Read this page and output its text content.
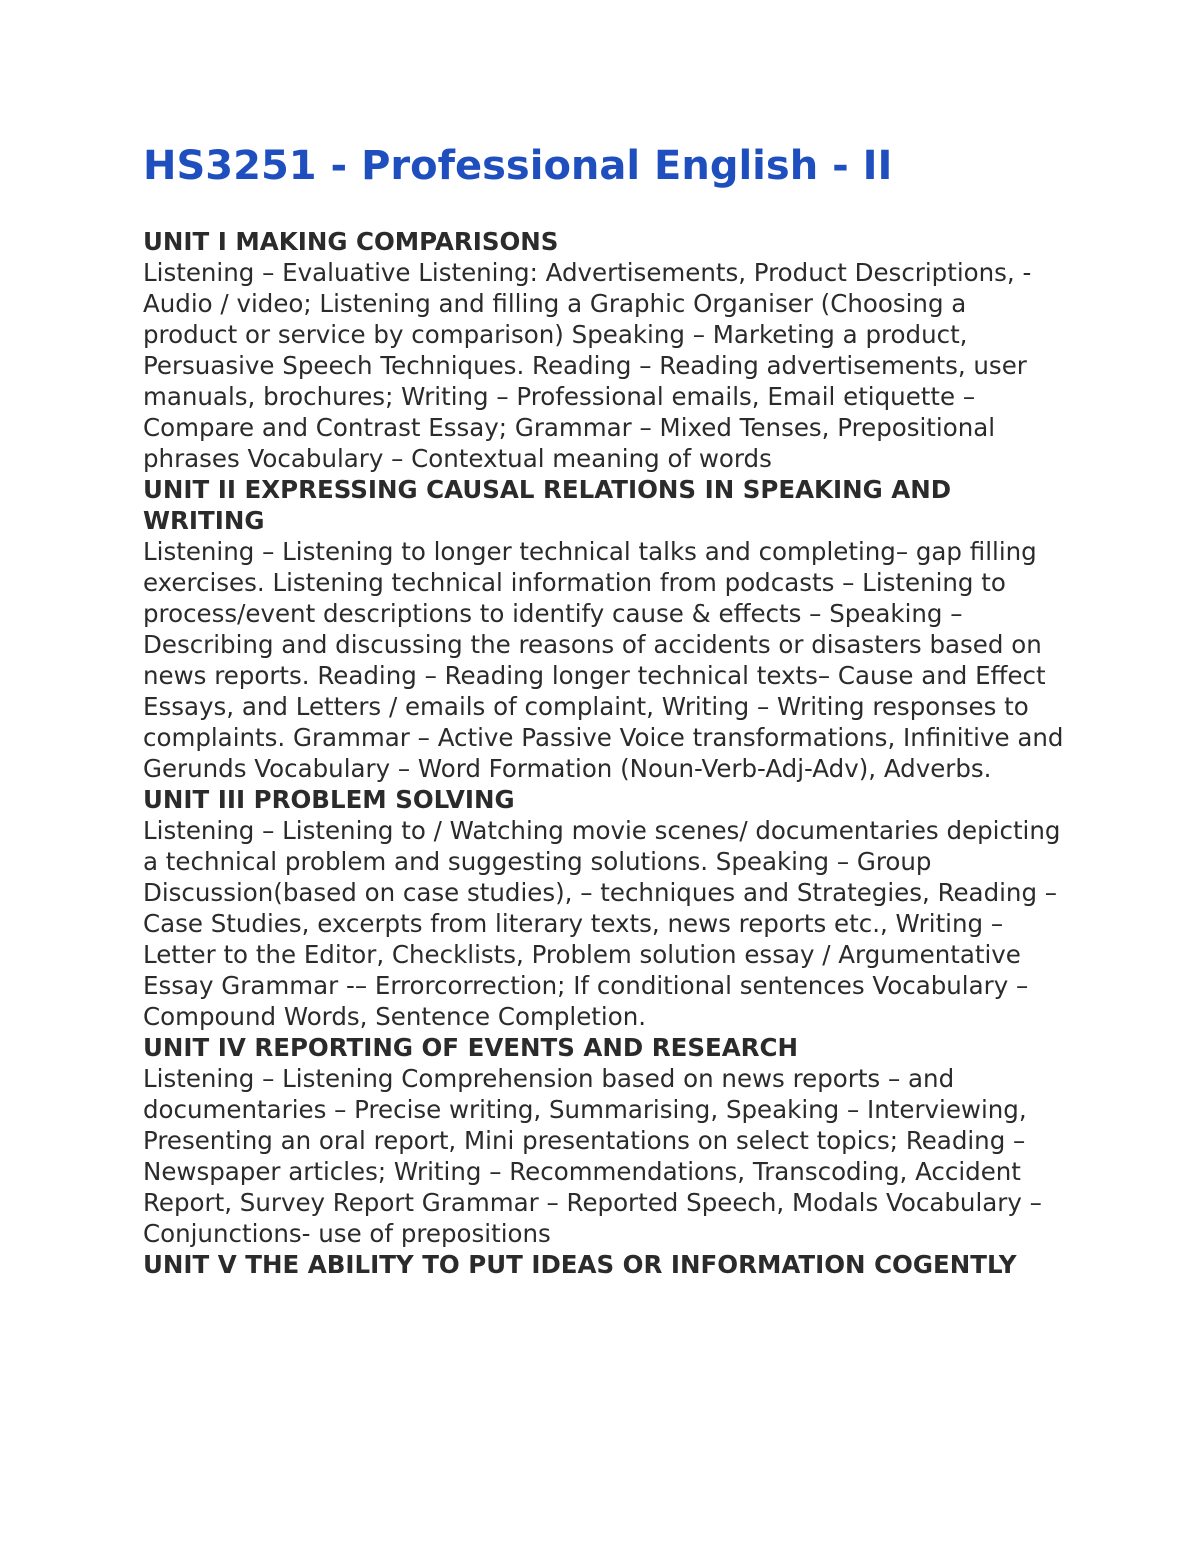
HS3251 - Professional English - II
UNIT I MAKING COMPARISONS

Listening – Evaluative Listening: Advertisements, Product Descriptions, -Audio / video; Listening and filling a Graphic Organiser (Choosing a product or service by comparison) Speaking – Marketing a product, Persuasive Speech Techniques. Reading – Reading advertisements, user manuals, brochures; Writing – Professional emails, Email etiquette – Compare and Contrast Essay; Grammar – Mixed Tenses, Prepositional phrases Vocabulary – Contextual meaning of words

UNIT II EXPRESSING CAUSAL RELATIONS IN SPEAKING AND WRITING

Listening – Listening to longer technical talks and completing– gap filling exercises. Listening technical information from podcasts – Listening to process/event descriptions to identify cause & effects – Speaking – Describing and discussing the reasons of accidents or disasters based on news reports. Reading – Reading longer technical texts– Cause and Effect Essays, and Letters / emails of complaint, Writing – Writing responses to complaints. Grammar – Active Passive Voice transformations, Infinitive and Gerunds Vocabulary – Word Formation (Noun-Verb-Adj-Adv), Adverbs.

UNIT III PROBLEM SOLVING

Listening – Listening to / Watching movie scenes/ documentaries depicting a technical problem and suggesting solutions. Speaking – Group Discussion(based on case studies), – techniques and Strategies, Reading – Case Studies, excerpts from literary texts, news reports etc., Writing – Letter to the Editor, Checklists, Problem solution essay / Argumentative Essay Grammar -– Errorcorrection; If conditional sentences Vocabulary – Compound Words, Sentence Completion.

UNIT IV REPORTING OF EVENTS AND RESEARCH

Listening – Listening Comprehension based on news reports – and documentaries – Precise writing, Summarising, Speaking – Interviewing, Presenting an oral report, Mini presentations on select topics; Reading –Newspaper articles; Writing – Recommendations, Transcoding, Accident Report, Survey Report Grammar – Reported Speech, Modals Vocabulary – Conjunctions- use of prepositions

UNIT V THE ABILITY TO PUT IDEAS OR INFORMATION COGENTLY
